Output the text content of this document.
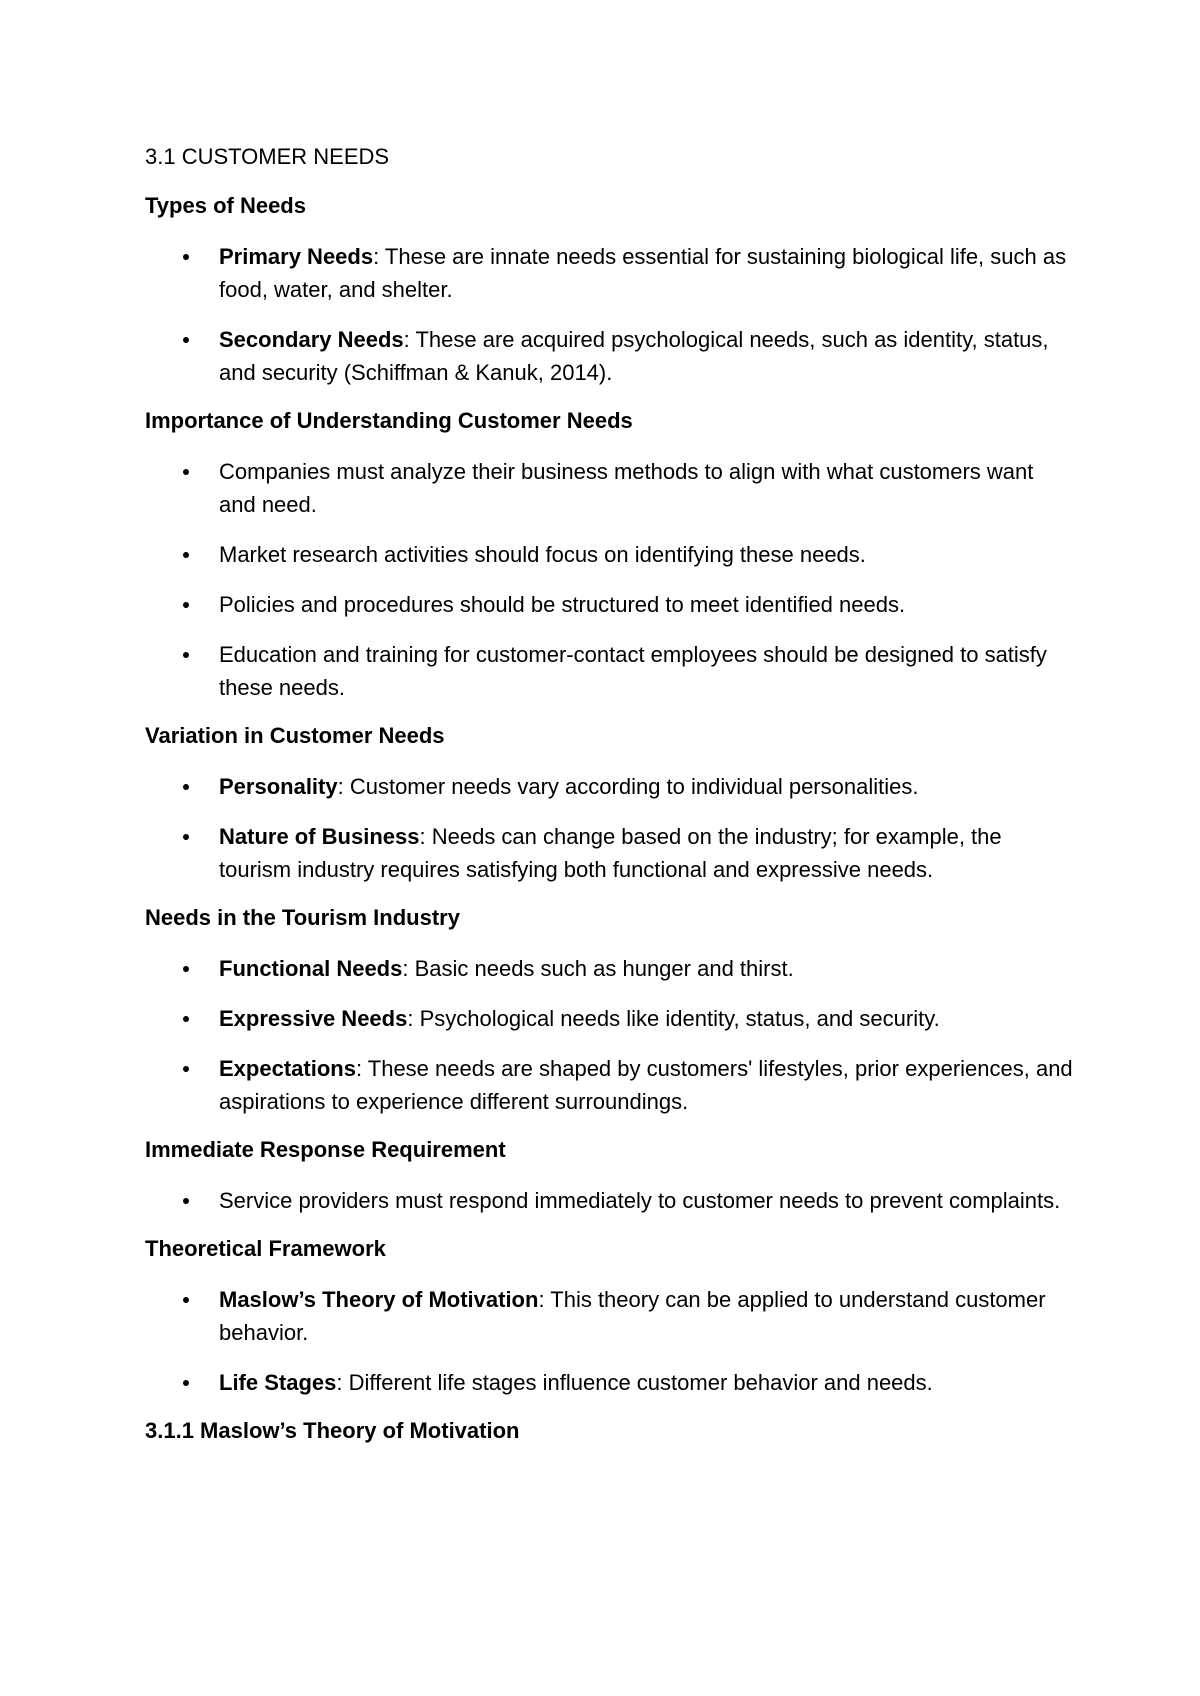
3.1 CUSTOMER NEEDS
Types of Needs
Primary Needs: These are innate needs essential for sustaining biological life, such as food, water, and shelter.
Secondary Needs: These are acquired psychological needs, such as identity, status, and security (Schiffman & Kanuk, 2014).
Importance of Understanding Customer Needs
Companies must analyze their business methods to align with what customers want and need.
Market research activities should focus on identifying these needs.
Policies and procedures should be structured to meet identified needs.
Education and training for customer-contact employees should be designed to satisfy these needs.
Variation in Customer Needs
Personality: Customer needs vary according to individual personalities.
Nature of Business: Needs can change based on the industry; for example, the tourism industry requires satisfying both functional and expressive needs.
Needs in the Tourism Industry
Functional Needs: Basic needs such as hunger and thirst.
Expressive Needs: Psychological needs like identity, status, and security.
Expectations: These needs are shaped by customers' lifestyles, prior experiences, and aspirations to experience different surroundings.
Immediate Response Requirement
Service providers must respond immediately to customer needs to prevent complaints.
Theoretical Framework
Maslow’s Theory of Motivation: This theory can be applied to understand customer behavior.
Life Stages: Different life stages influence customer behavior and needs.
3.1.1 Maslow’s Theory of Motivation
